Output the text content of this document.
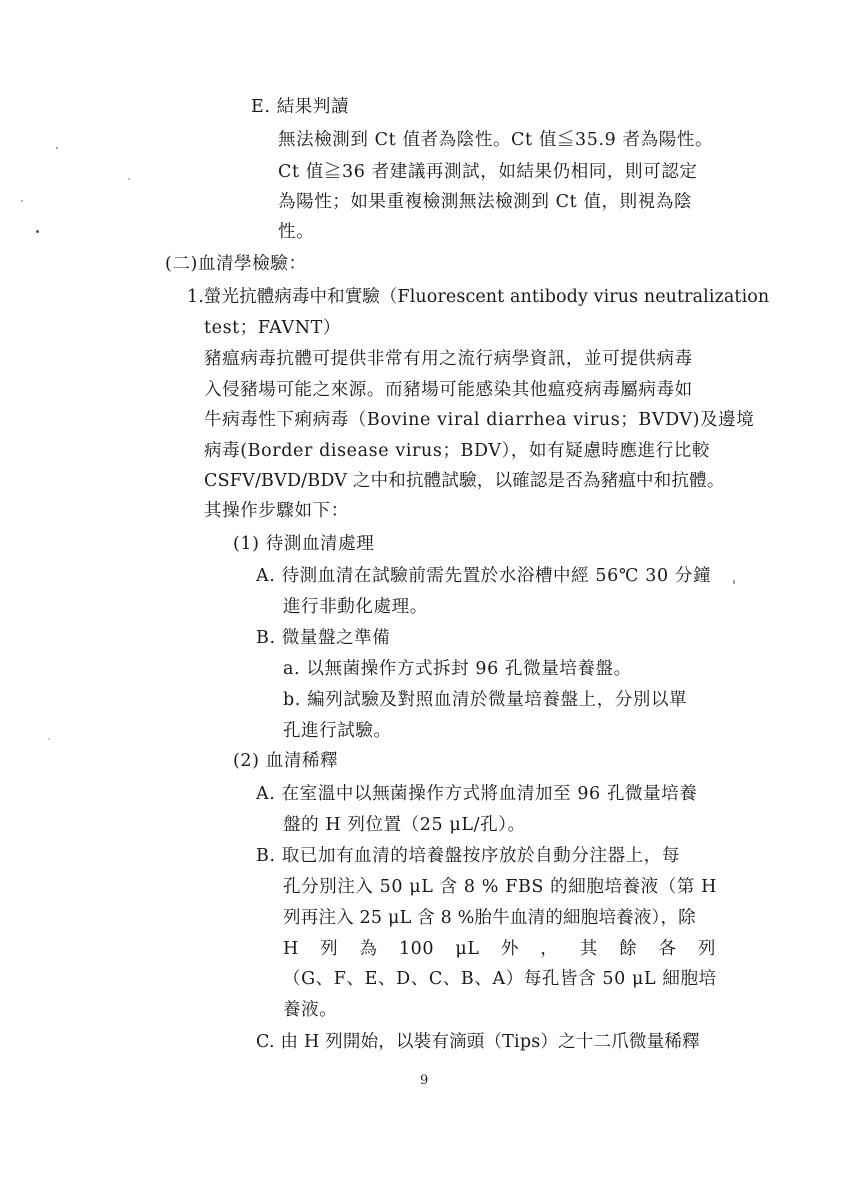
E. 結果判讀
無法檢測到 Ct 值者為陰性。Ct 值≦35.9 者為陽性。
Ct 值≧36 者建議再測試，如結果仍相同，則可認定
為陽性；如果重複檢測無法檢測到 Ct 值，則視為陰
性。
(二)血清學檢驗：
1.螢光抗體病毒中和實驗（Fluorescent antibody virus neutralization
test；FAVNT）
豬瘟病毒抗體可提供非常有用之流行病學資訊，並可提供病毒
入侵豬場可能之來源。而豬場可能感染其他瘟疫病毒屬病毒如
牛病毒性下痢病毒（Bovine viral diarrhea virus；BVDV)及邊境
病毒(Border disease virus；BDV），如有疑慮時應進行比較
CSFV/BVD/BDV 之中和抗體試驗，以確認是否為豬瘟中和抗體。
其操作步驟如下：
(1) 待測血清處理
A. 待測血清在試驗前需先置於水浴槽中經 56℃ 30 分鐘
進行非動化處理。
B. 微量盤之準備
a. 以無菌操作方式拆封 96 孔微量培養盤。
b. 編列試驗及對照血清於微量培養盤上，分別以單
孔進行試驗。
(2) 血清稀釋
A. 在室溫中以無菌操作方式將血清加至 96 孔微量培養
盤的 H 列位置（25 μL/孔）。
B. 取已加有血清的培養盤按序放於自動分注器上，每
孔分別注入 50 μL 含 8 % FBS 的細胞培養液（第 H
列再注入 25 μL 含 8 %胎牛血清的細胞培養液），除
H 列 為 100 μL 外 ， 其 餘 各 列
（G、F、E、D、C、B、A）每孔皆含 50 μL 細胞培
養液。
C. 由 H 列開始，以裝有滴頭（Tips）之十二爪微量稀釋
9
